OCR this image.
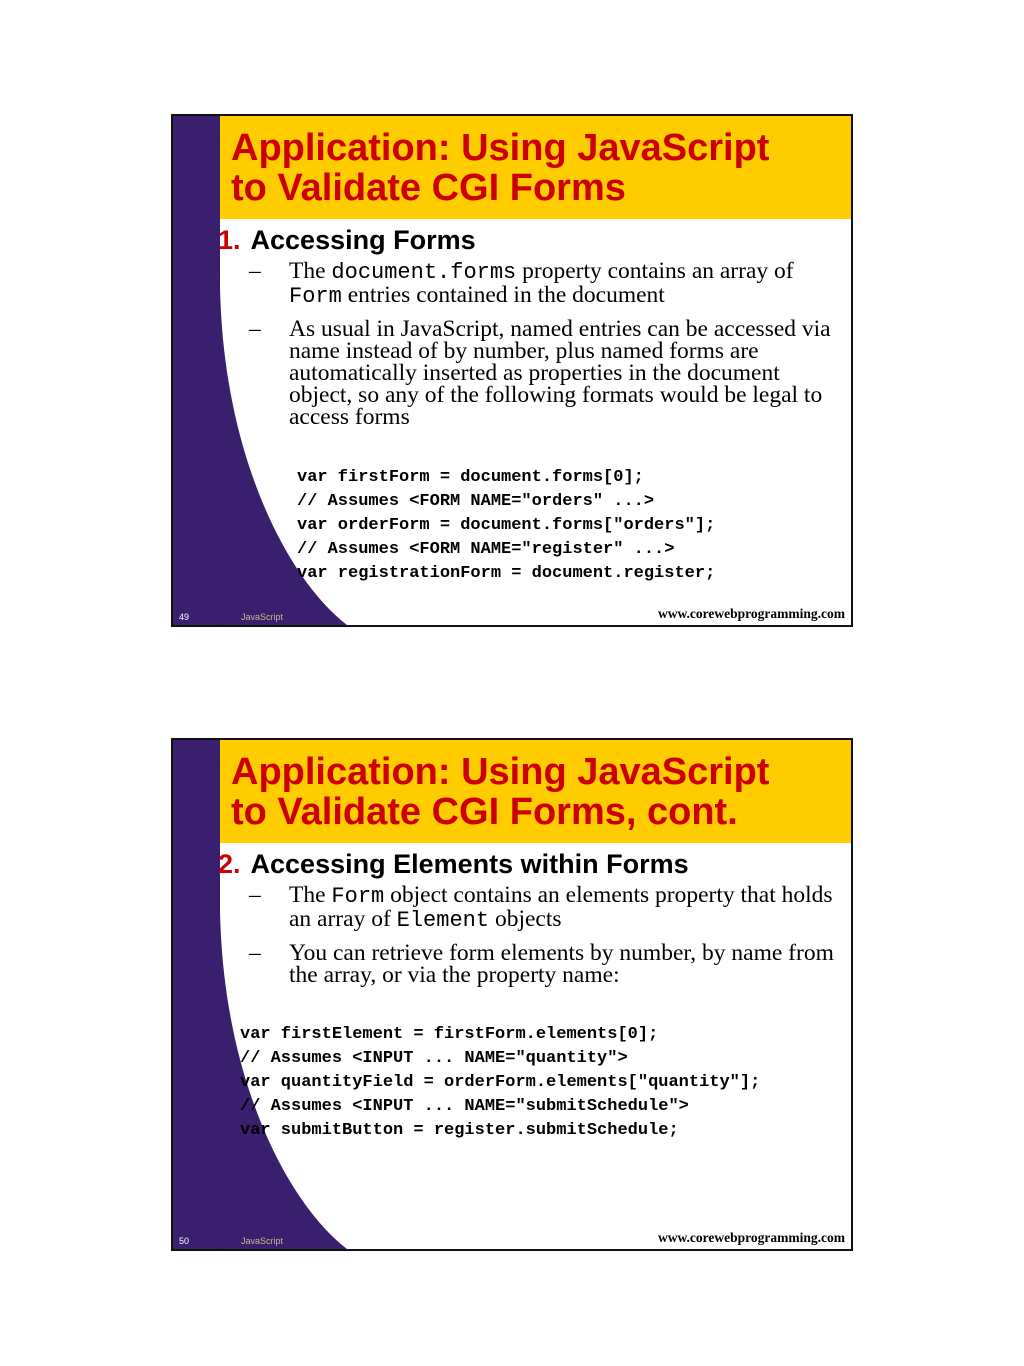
Application: Using JavaScript
to Validate CGI Forms
1. Accessing Forms
– The document.forms property contains an array of Form entries contained in the document
– As usual in JavaScript, named entries can be accessed via name instead of by number, plus named forms are automatically inserted as properties in the document object, so any of the following formats would be legal to access forms
var firstForm = document.forms[0];
// Assumes <FORM NAME="orders" ...>
var orderForm = document.forms["orders"];
// Assumes <FORM NAME="register" ...>
var registrationForm = document.register;
49	JavaScript	www.corewebprogramming.com
Application: Using JavaScript
to Validate CGI Forms, cont.
2. Accessing Elements within Forms
– The Form object contains an elements property that holds an array of Element objects
– You can retrieve form elements by number, by name from the array, or via the property name:
var firstElement = firstForm.elements[0];
// Assumes <INPUT ... NAME="quantity">
var quantityField = orderForm.elements["quantity"];
// Assumes <INPUT ... NAME="submitSchedule">
var submitButton = register.submitSchedule;
50	JavaScript	www.corewebprogramming.com
